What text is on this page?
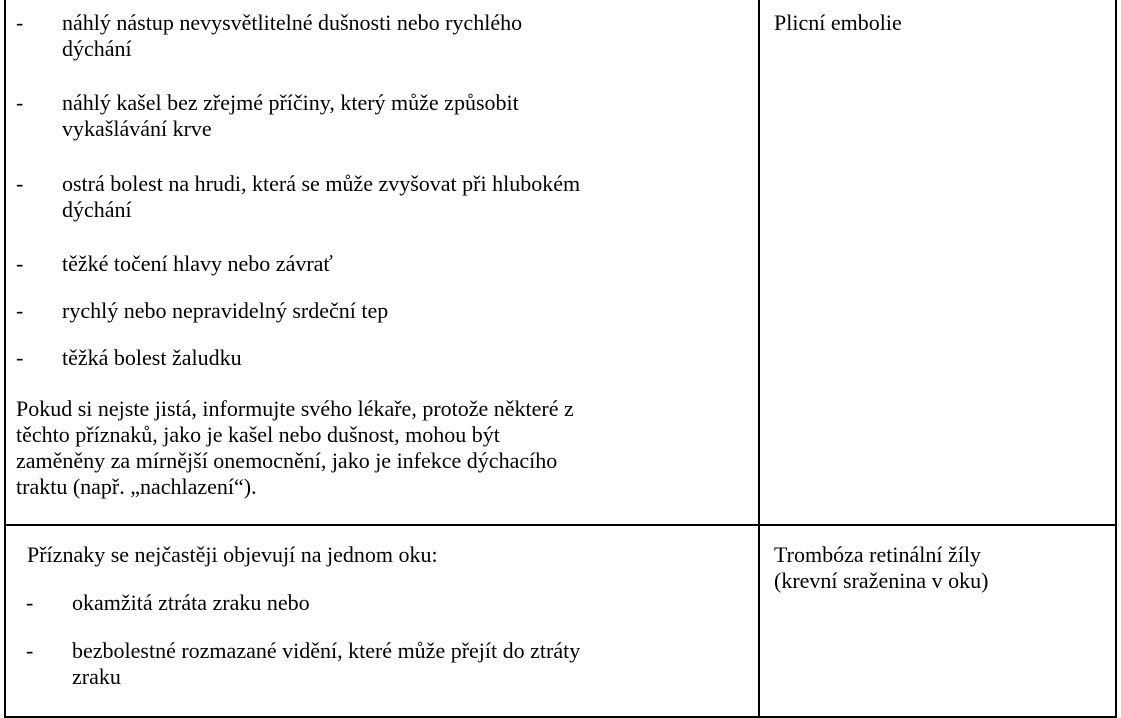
- náhlý nástup nevysvětlitelné dušnosti nebo rychlého
dýchání
- náhlý kašel bez zřejmé příčiny, který může způsobit
vykašlávání krve
- ostrá bolest na hrudi, která se může zvyšovat při hlubokém
dýchání
- těžké točení hlavy nebo závrať
- rychlý nebo nepravidelný srdeční tep
- těžká bolest žaludku
Pokud si nejste jistá, informujte svého lékaře, protože některé z
těchto příznaků, jako je kašel nebo dušnost, mohou být
zaměněny za mírnější onemocnění, jako je infekce dýchacího
traktu (např. „nachlazení“).
Plicní embolie
Příznaky se nejčastěji objevují na jednom oku:
- okamžitá ztráta zraku nebo
- bezbolestné rozmazané vidění, které může přejít do ztráty
zraku
Trombóza retinální žíly
(krevní sraženina v oku)
